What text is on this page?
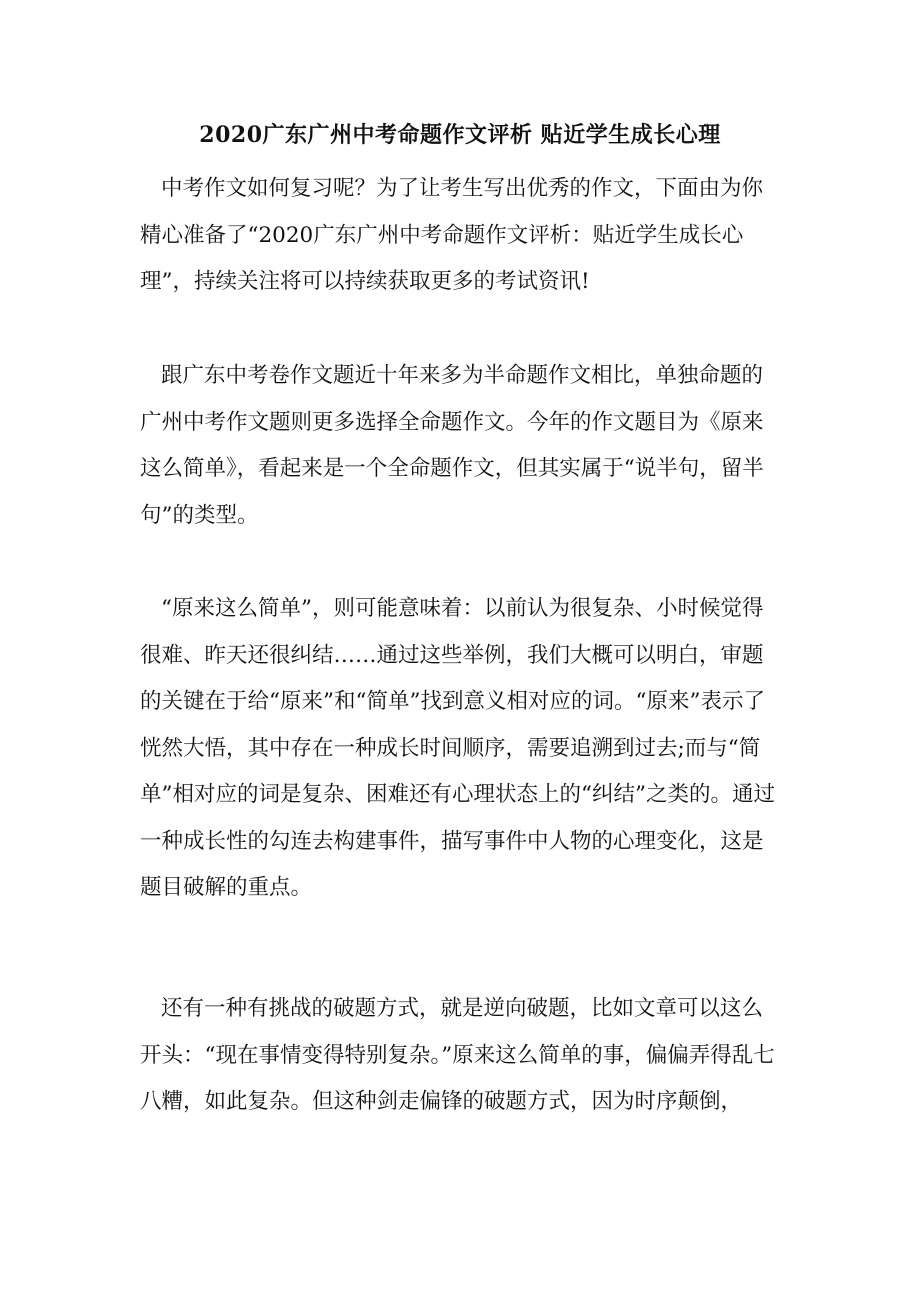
2020广东广州中考命题作文评析 贴近学生成长心理

中考作文如何复习呢？为了让考生写出优秀的作文，下面由为你精心准备了“2020广东广州中考命题作文评析：贴近学生成长心理”，持续关注将可以持续获取更多的考试资讯!

跟广东中考卷作文题近十年来多为半命题作文相比，单独命题的广州中考作文题则更多选择全命题作文。今年的作文题目为《原来这么简单》，看起来是一个全命题作文，但其实属于“说半句，留半句”的类型。

“原来这么简单”，则可能意味着：以前认为很复杂、小时候觉得很难、昨天还很纠结……通过这些举例，我们大概可以明白，审题的关键在于给“原来”和“简单”找到意义相对应的词。“原来”表示了恍然大悟，其中存在一种成长时间顺序，需要追溯到过去;而与“简单”相对应的词是复杂、困难还有心理状态上的“纠结”之类的。通过一种成长性的勾连去构建事件，描写事件中人物的心理变化，这是题目破解的重点。

还有一种有挑战的破题方式，就是逆向破题，比如文章可以这么开头：“现在事情变得特别复杂。”原来这么简单的事，偏偏弄得乱七八糟，如此复杂。但这种剑走偏锋的破题方式，因为时序颠倒，
